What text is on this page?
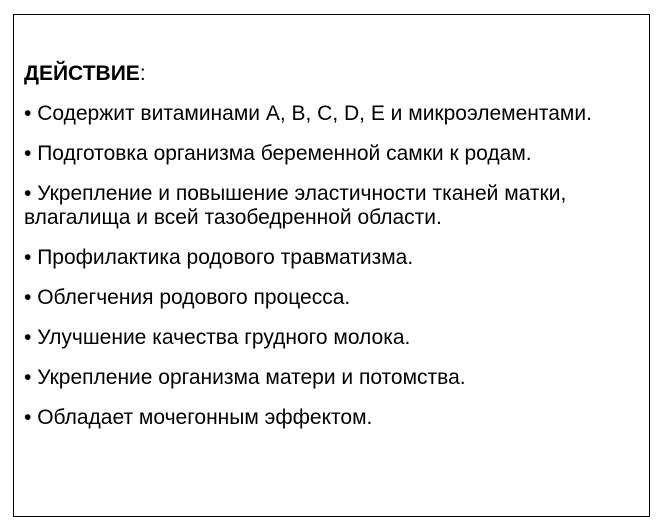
ДЕЙСТВИЕ:
• Содержит витаминами A, B, C, D, E и микроэлементами.
• Подготовка организма беременной самки к родам.
• Укрепление и повышение эластичности тканей матки, влагалища и всей тазобедренной области.
• Профилактика родового травматизма.
• Облегчения родового процесса.
• Улучшение качества грудного молока.
• Укрепление организма матери и потомства.
• Обладает мочегонным эффектом.
